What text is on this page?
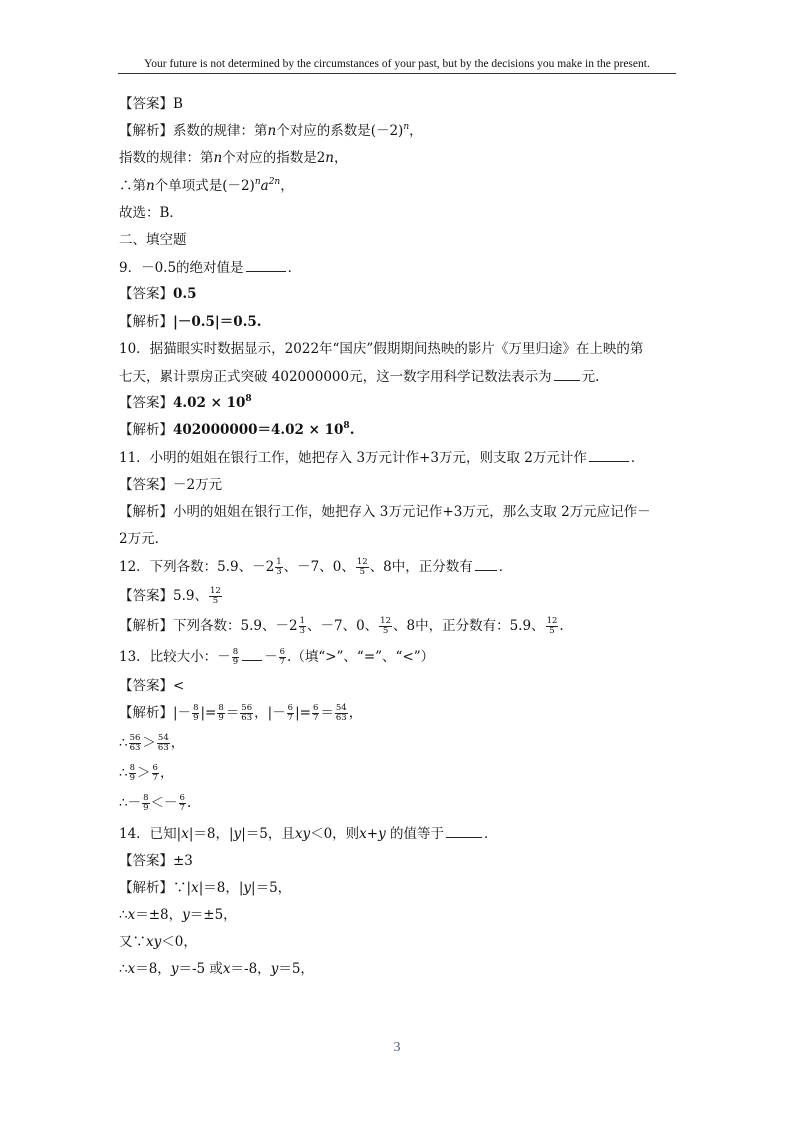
Your future is not determined by the circumstances of your past, but by the decisions you make in the present.
【答案】B
【解析】系数的规律：第n个对应的系数是$(-2)^n$，
指数的规律：第n个对应的指数是2n，
∴第n个单项式是$(-2)^na^{2n}$，
故选：B．
二、填空题
9．－0.5的绝对值是	．
【答案】0.5
【解析】|－0.5|＝0.5.
10．据猫眼实时数据显示，2022年“国庆”假期期间热映的影片《万里归途》在上映的第
七天，累计票房正式突破 402000000元，这一数字用科学记数法表示为 元.
【答案】$4.02 \times 10^8$
【解析】$402000000=4.02 \times 10^8$.
11．小明的姐姐在银行工作，她把存入 3万元计作+3万元，则支取 2万元计作	．
【答案】－2万元
【解析】小明的姐姐在银行工作，她把存入 3万元记作+3万元，那么支取 2万元应记作－
2万元.
12．下列各数：5.9、$-2 \frac{1}{3}$ 、－7、0、 $\frac{12}{5}$ 、8中，正分数有 ．
【答案】5.9、 $\frac{12}{5}$
【解析】下列各数：5.9、$-2 \frac{1}{3}$ 、－7、0、 $\frac{12}{5}$ 、8中，正分数有：5.9、 $\frac{12}{5}$ .
13．比较大小：－ $\frac{8}{9} - \frac{6}{7}$ .（填“>”、“=”、“<”）
【答案】<
【解析】|－ $\frac{8}{9}$ |= $\frac{8}{9} = \frac{56}{63}$ ，|－ $\frac{6}{7}$ |= $\frac{6}{7} = \frac{54}{63}$ ，
∴ $\frac{56}{63} > \frac{54}{63}$ ，
∴ $\frac{8}{9} > \frac{6}{7}$ ，
∴－ $\frac{8}{9} <- \frac{6}{7}$ .
14．已知|x|＝8，|y|＝5，且xy＜0，则x+y 的值等于	．
【答案】±3
【解析】∵|x|＝8，|y|＝5，
∴x＝±8，y＝±5，
又∵xy＜0，
∴x＝8，y＝-5 或x＝-8，y＝5，
3
